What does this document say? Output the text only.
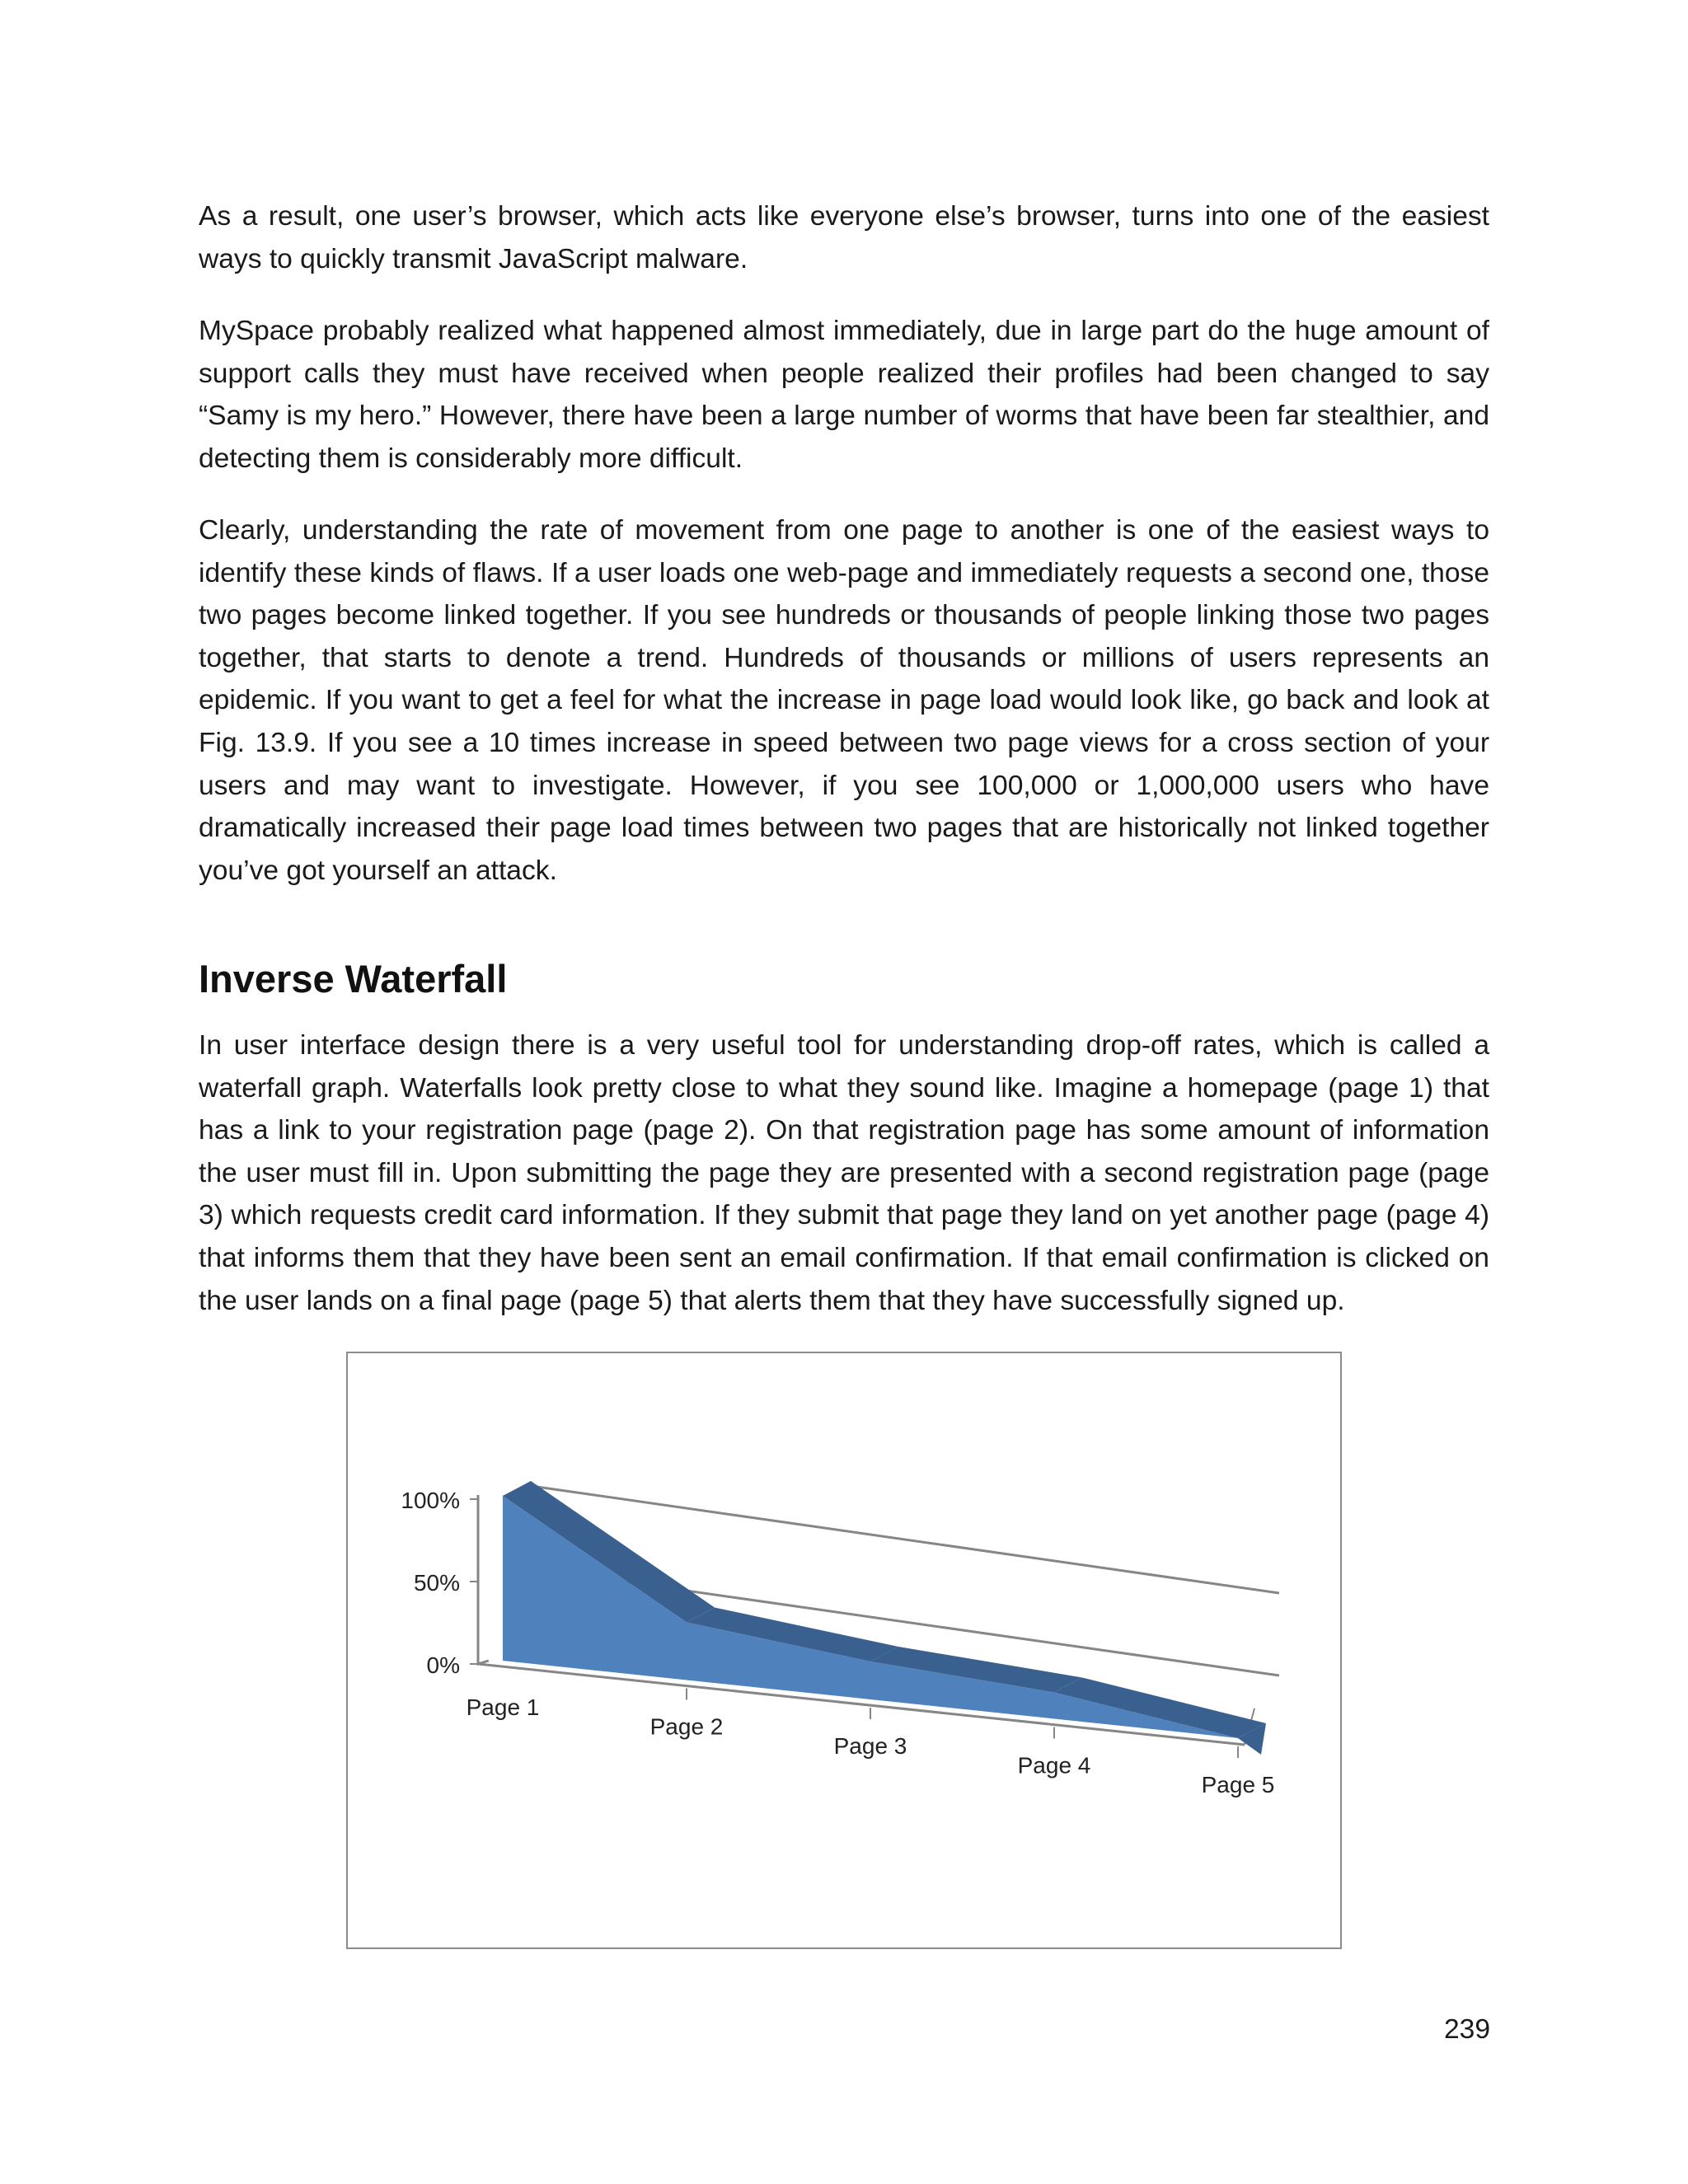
As a result, one user’s browser, which acts like everyone else’s browser, turns into one of the easiest ways to quickly transmit JavaScript malware.

MySpace probably realized what happened almost immediately, due in large part do the huge amount of support calls they must have received when people realized their profiles had been changed to say “Samy is my hero.” However, there have been a large number of worms that have been far stealthier, and detecting them is considerably more difficult.

Clearly, understanding the rate of movement from one page to another is one of the easiest ways to identify these kinds of flaws. If a user loads one web-page and immediately requests a second one, those two pages become linked together. If you see hundreds or thousands of people linking those two pages together, that starts to denote a trend. Hundreds of thousands or millions of users represents an epidemic. If you want to get a feel for what the increase in page load would look like, go back and look at Fig. 13.9. If you see a 10 times increase in speed between two page views for a cross section of your users and may want to investigate. However, if you see 100,000 or 1,000,000 users who have dramatically increased their page load times between two pages that are historically not linked together you’ve got yourself an attack.

Inverse Waterfall

In user interface design there is a very useful tool for understanding drop-off rates, which is called a waterfall graph. Waterfalls look pretty close to what they sound like. Imagine a homepage (page 1) that has a link to your registration page (page 2). On that registration page has some amount of information the user must fill in. Upon submitting the page they are presented with a second registration page (page 3) which requests credit card information. If they submit that page they land on yet another page (page 4) that informs them that they have been sent an email confirmation. If that email confirmation is clicked on the user lands on a final page (page 5) that alerts them that they have successfully signed up.

0%
50%
100%
Page 1
Page 2
Page 3
Page 4
Page 5
239
